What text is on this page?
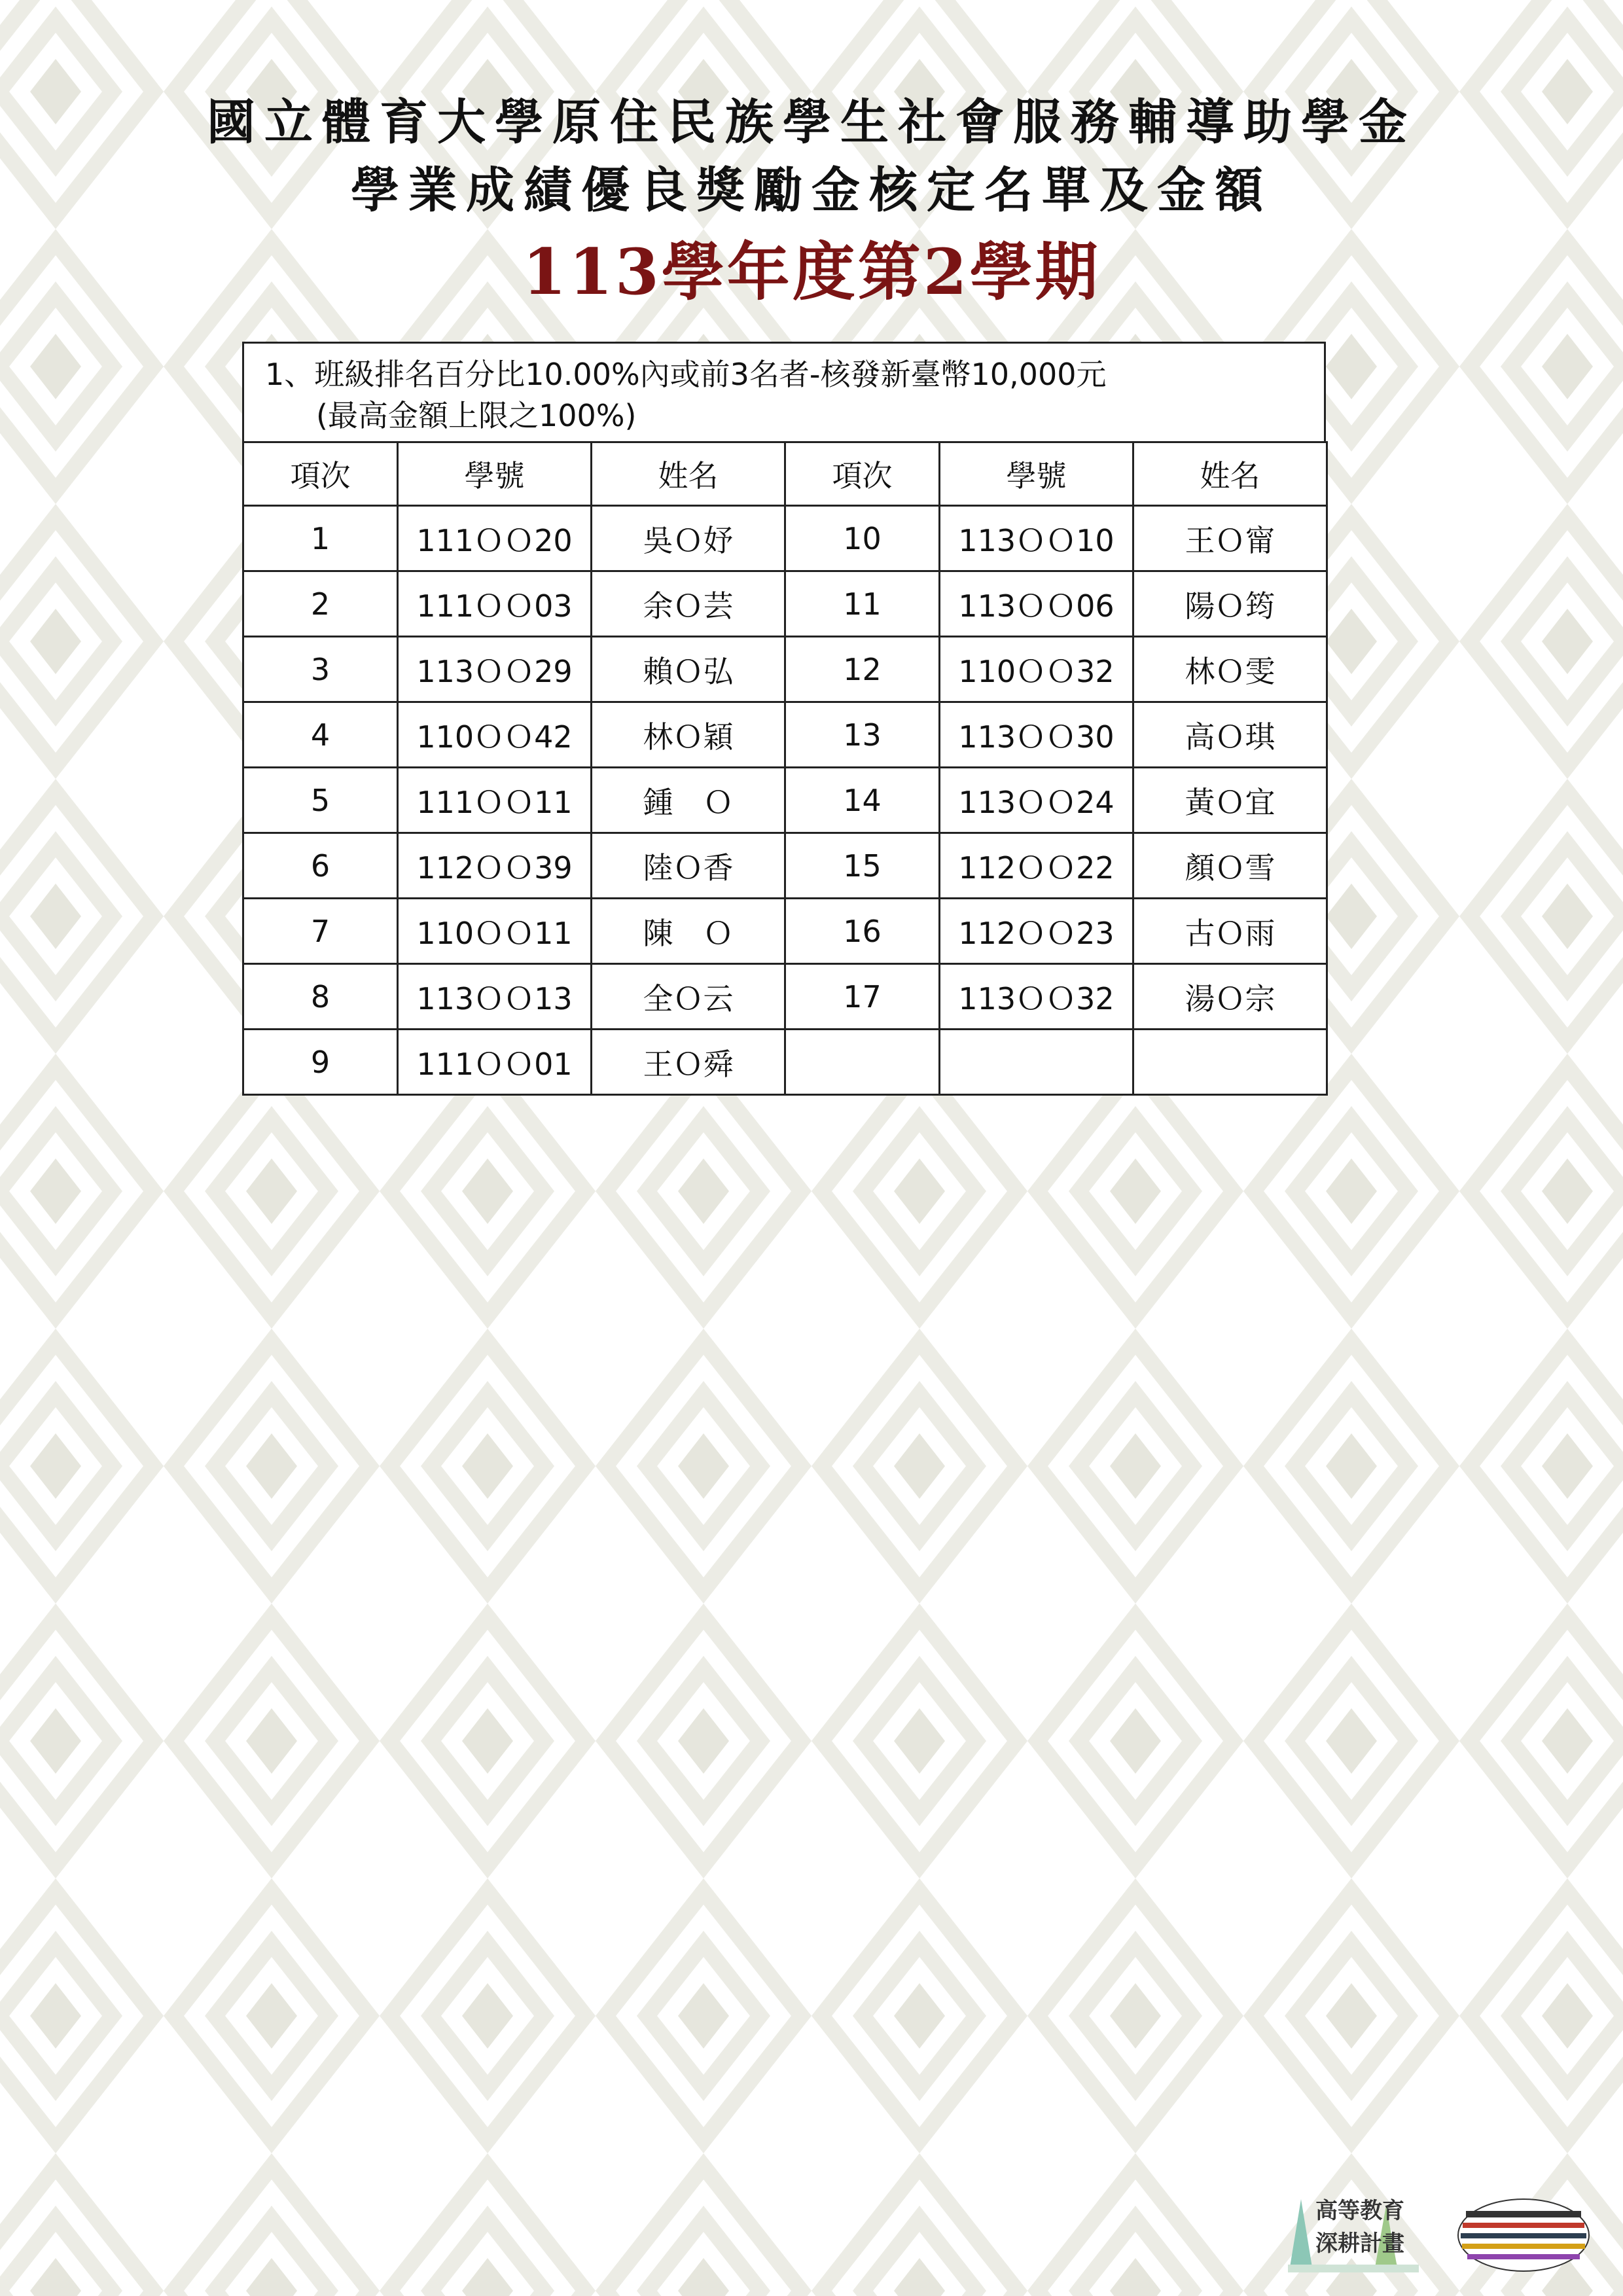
國立體育大學原住民族學生社會服務輔導助學金
學業成績優良獎勵金核定名單及金額
113學年度第2學期
1、班級排名百分比10.00%內或前3名者-核發新臺幣10,000元
(最高金額上限之100%)
項次	學號	姓名	項次	學號	姓名
1	111ＯＯ20	吳Ｏ妤	10	113ＯＯ10	王Ｏ甯
2	111ＯＯ03	余Ｏ芸	11	113ＯＯ06	陽Ｏ筠
3	113ＯＯ29	賴Ｏ弘	12	110ＯＯ32	林Ｏ雯
4	110ＯＯ42	林Ｏ穎	13	113ＯＯ30	高Ｏ琪
5	111ＯＯ11	鍾　Ｏ	14	113ＯＯ24	黃Ｏ宜
6	112ＯＯ39	陸Ｏ香	15	112ＯＯ22	顏Ｏ雪
7	110ＯＯ11	陳　Ｏ	16	112ＯＯ23	古Ｏ雨
8	113ＯＯ13	全Ｏ云	17	113ＯＯ32	湯Ｏ宗
9	111ＯＯ01	王Ｏ舜			
高等教育
深耕計畫
